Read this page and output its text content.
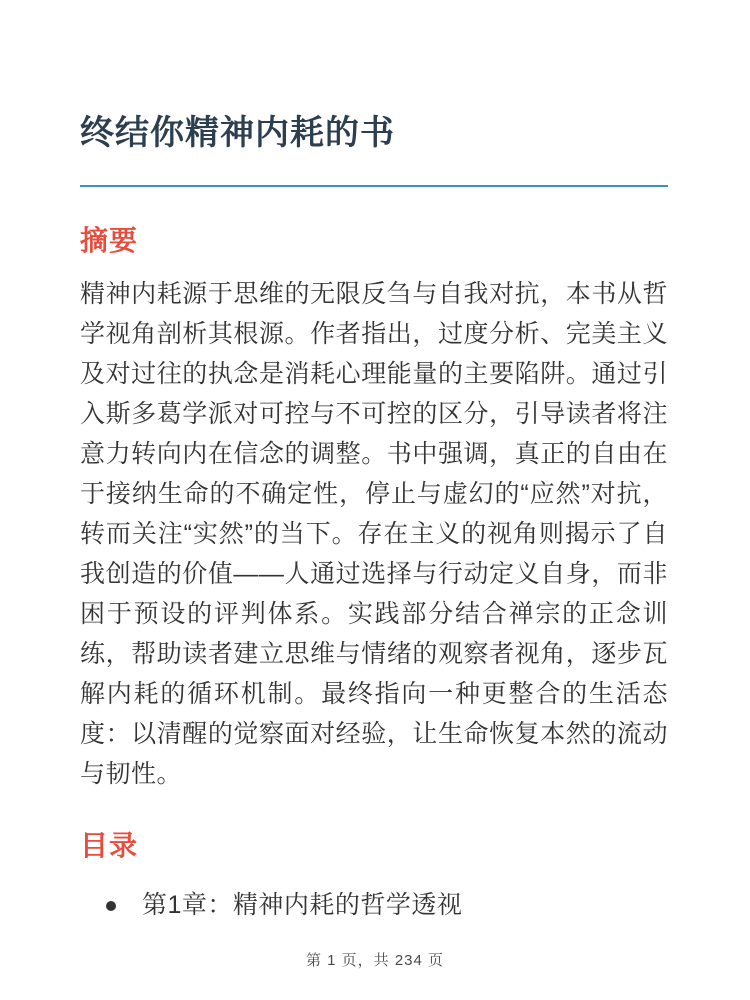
终结你精神内耗的书
摘要

精神内耗源于思维的无限反刍与自我对抗，本书从哲学视角剖析其根源。作者指出，过度分析、完美主义及对过往的执念是消耗心理能量的主要陷阱。通过引入斯多葛学派对可控与不可控的区分，引导读者将注意力转向内在信念的调整。书中强调，真正的自由在于接纳生命的不确定性，停止与虚幻的“应然”对抗，转而关注“实然”的当下。存在主义的视角则揭示了自我创造的价值——人通过选择与行动定义自身，而非困于预设的评判体系。实践部分结合禅宗的正念训练，帮助读者建立思维与情绪的观察者视角，逐步瓦解内耗的循环机制。最终指向一种更整合的生活态度：以清醒的觉察面对经验，让生命恢复本然的流动与韧性。

目录
第1章：精神内耗的哲学透视
第 1 页，共 234 页
